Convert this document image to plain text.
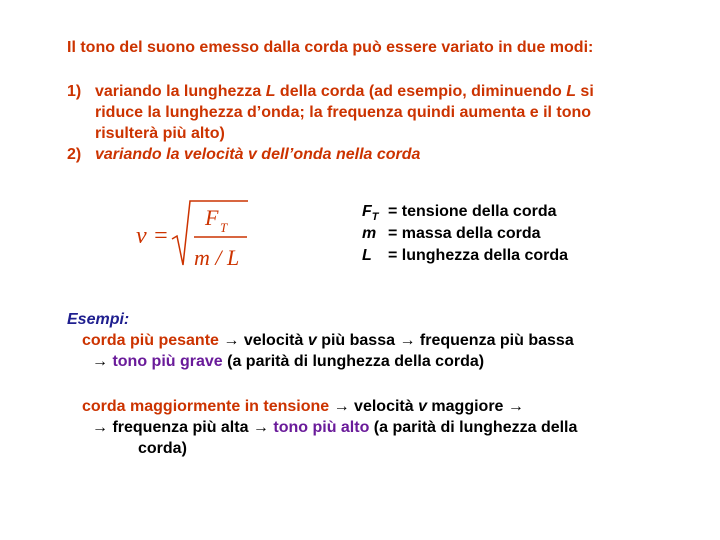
Il tono del suono emesso dalla corda può essere variato in due modi:
1) variando la lunghezza L della corda (ad esempio, diminuendo L si
riduce la lunghezza d’onda; la frequenza quindi aumenta e il tono
risulterà più alto)
2) variando la velocità v dell’onda nella corda
v =
F T
m / L
$F_T$ = tensione della corda
m = massa della corda
L = lunghezza della corda
Esempi:
corda più pesante → velocità v più bassa → frequenza più bassa
→ tono più grave (a parità di lunghezza della corda)
corda maggiormente in tensione → velocità v maggiore →
→ frequenza più alta → tono più alto (a parità di lunghezza della
corda)
